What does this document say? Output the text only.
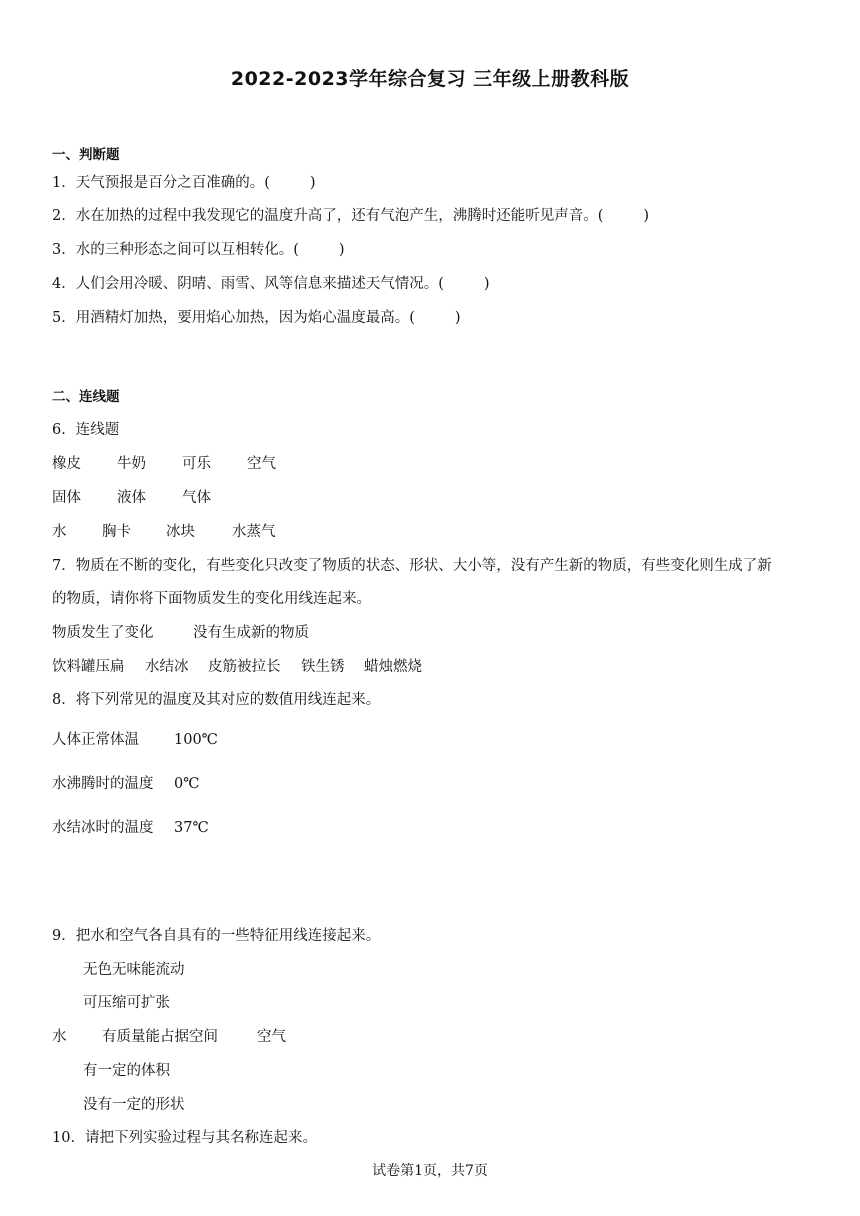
2022-2023学年综合复习 三年级上册教科版
一、判断题
1．天气预报是百分之百准确的。(	)
2．水在加热的过程中我发现它的温度升高了，还有气泡产生，沸腾时还能听见声音。(	)
3．水的三种形态之间可以互相转化。(	)
4．人们会用冷暖、阴晴、雨雪、风等信息来描述天气情况。(	)
5．用酒精灯加热，要用焰心加热，因为焰心温度最高。(	)
二、连线题
6．连线题
橡皮 牛奶 可乐 空气
固体 液体 气体
水 胸卡 冰块	水蒸气
7．物质在不断的变化，有些变化只改变了物质的状态、形状、大小等，没有产生新的物质，有些变化则生成了新
的物质，请你将下面物质发生的变化用线连起来。
物质发生了变化	没有生成新的物质
饮料罐压扁 水结冰 皮筋被拉长 铁生锈 蜡烛燃烧
8．将下列常见的温度及其对应的数值用线连起来。
人体正常体温 100℃
水沸腾时的温度 0℃
水结冰时的温度 37℃
9．把水和空气各自具有的一些特征用线连接起来。
无色无味能流动
可压缩可扩张
水 有质量能占据空间	空气
有一定的体积
没有一定的形状
10．请把下列实验过程与其名称连起来。
试卷第1页，共7页
